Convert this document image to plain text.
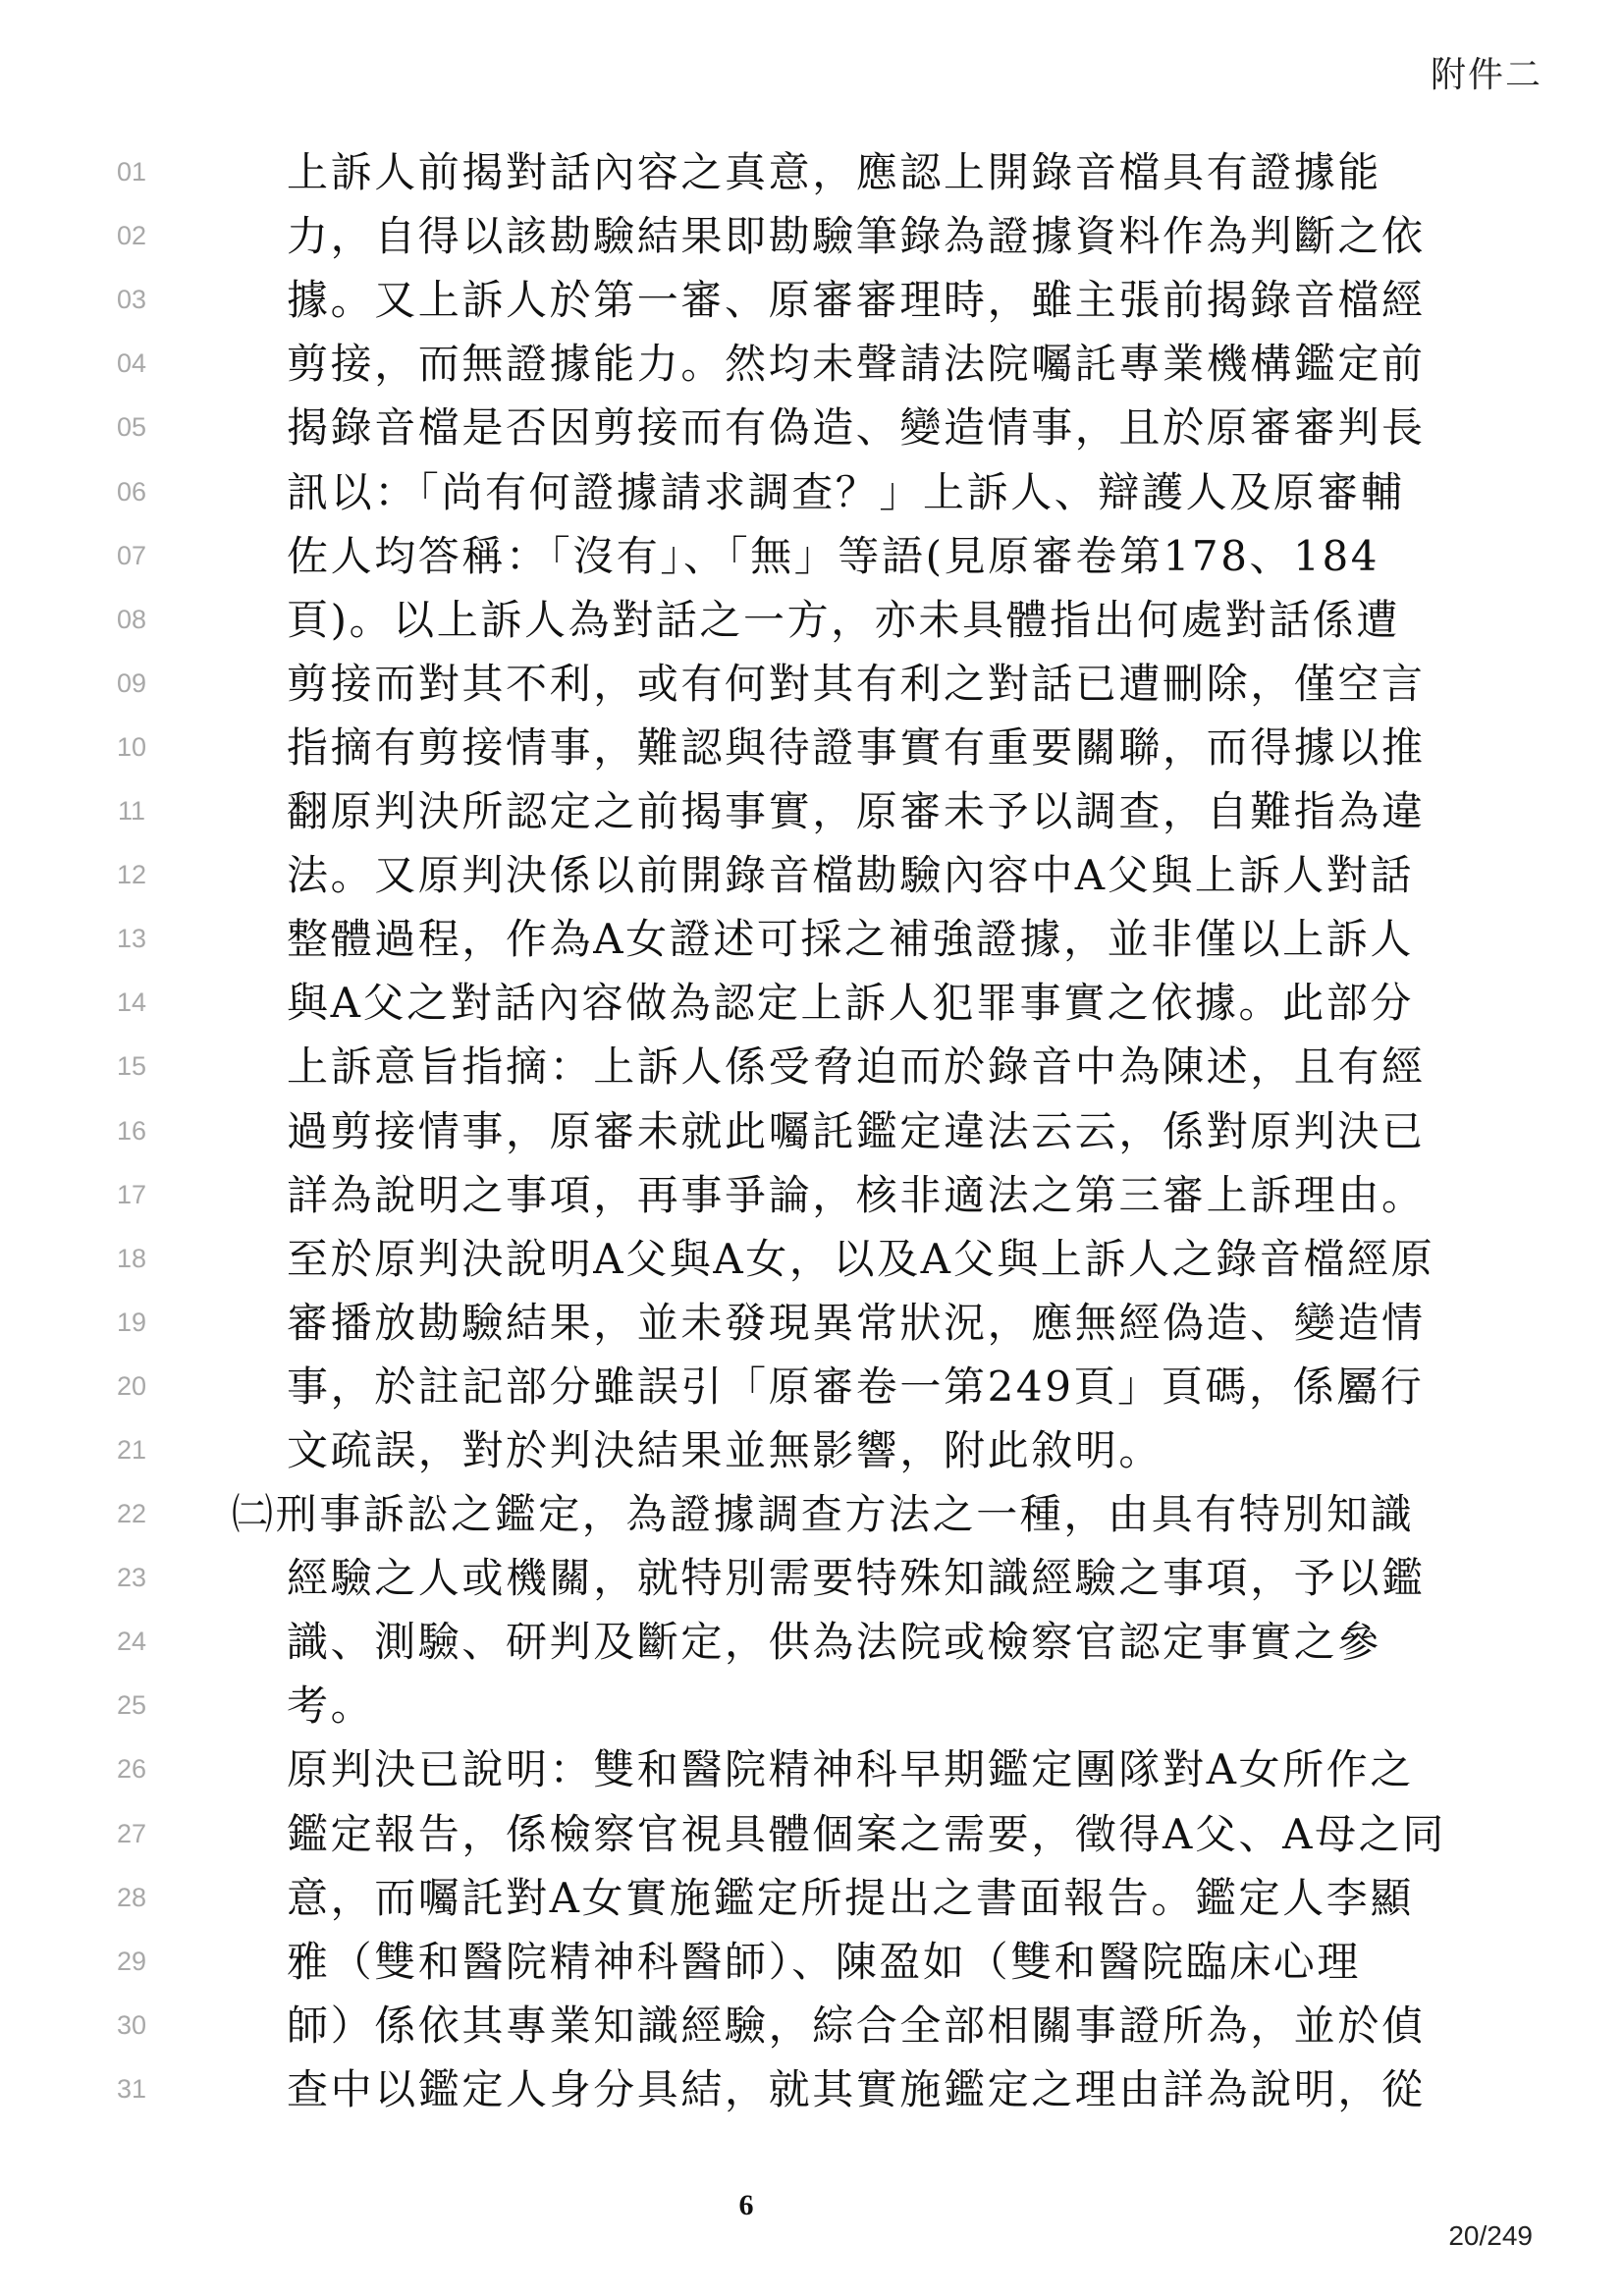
附件二
01	上訴人前揭對話內容之真意，應認上開錄音檔具有證據能
02	力，自得以該勘驗結果即勘驗筆錄為證據資料作為判斷之依
03	據。又上訴人於第一審、原審審理時，雖主張前揭錄音檔經
04	剪接，而無證據能力。然均未聲請法院囑託專業機構鑑定前
05	揭錄音檔是否因剪接而有偽造、變造情事，且於原審審判長
06	訊以：「尚有何證據請求調查？」上訴人、辯護人及原審輔
07	佐人均答稱：「沒有」、「無」等語(見原審卷第178、184
08	頁)。以上訴人為對話之一方，亦未具體指出何處對話係遭
09	剪接而對其不利，或有何對其有利之對話已遭刪除，僅空言
10	指摘有剪接情事，難認與待證事實有重要關聯，而得據以推
11	翻原判決所認定之前揭事實，原審未予以調查，自難指為違
12	法。又原判決係以前開錄音檔勘驗內容中A父與上訴人對話
13	整體過程，作為A女證述可採之補強證據，並非僅以上訴人
14	與A父之對話內容做為認定上訴人犯罪事實之依據。此部分
15	上訴意旨指摘：上訴人係受脅迫而於錄音中為陳述，且有經
16	過剪接情事，原審未就此囑託鑑定違法云云，係對原判決已
17	詳為說明之事項，再事爭論，核非適法之第三審上訴理由。
18	至於原判決說明A父與A女，以及A父與上訴人之錄音檔經原
19	審播放勘驗結果，並未發現異常狀況，應無經偽造、變造情
20	事，於註記部分雖誤引「原審卷一第249頁」頁碼，係屬行
21	文疏誤，對於判決結果並無影響，附此敘明。
22	㈡刑事訴訟之鑑定，為證據調查方法之一種，由具有特別知識
23	經驗之人或機關，就特別需要特殊知識經驗之事項，予以鑑
24	識、測驗、研判及斷定，供為法院或檢察官認定事實之參
25	考。
26	原判決已說明：雙和醫院精神科早期鑑定團隊對A女所作之
27	鑑定報告，係檢察官視具體個案之需要，徵得A父、A母之同
28	意，而囑託對A女實施鑑定所提出之書面報告。鑑定人李顯
29	雅（雙和醫院精神科醫師）、陳盈如（雙和醫院臨床心理
30	師）係依其專業知識經驗，綜合全部相關事證所為，並於偵
31	查中以鑑定人身分具結，就其實施鑑定之理由詳為說明，從
6
20/249
